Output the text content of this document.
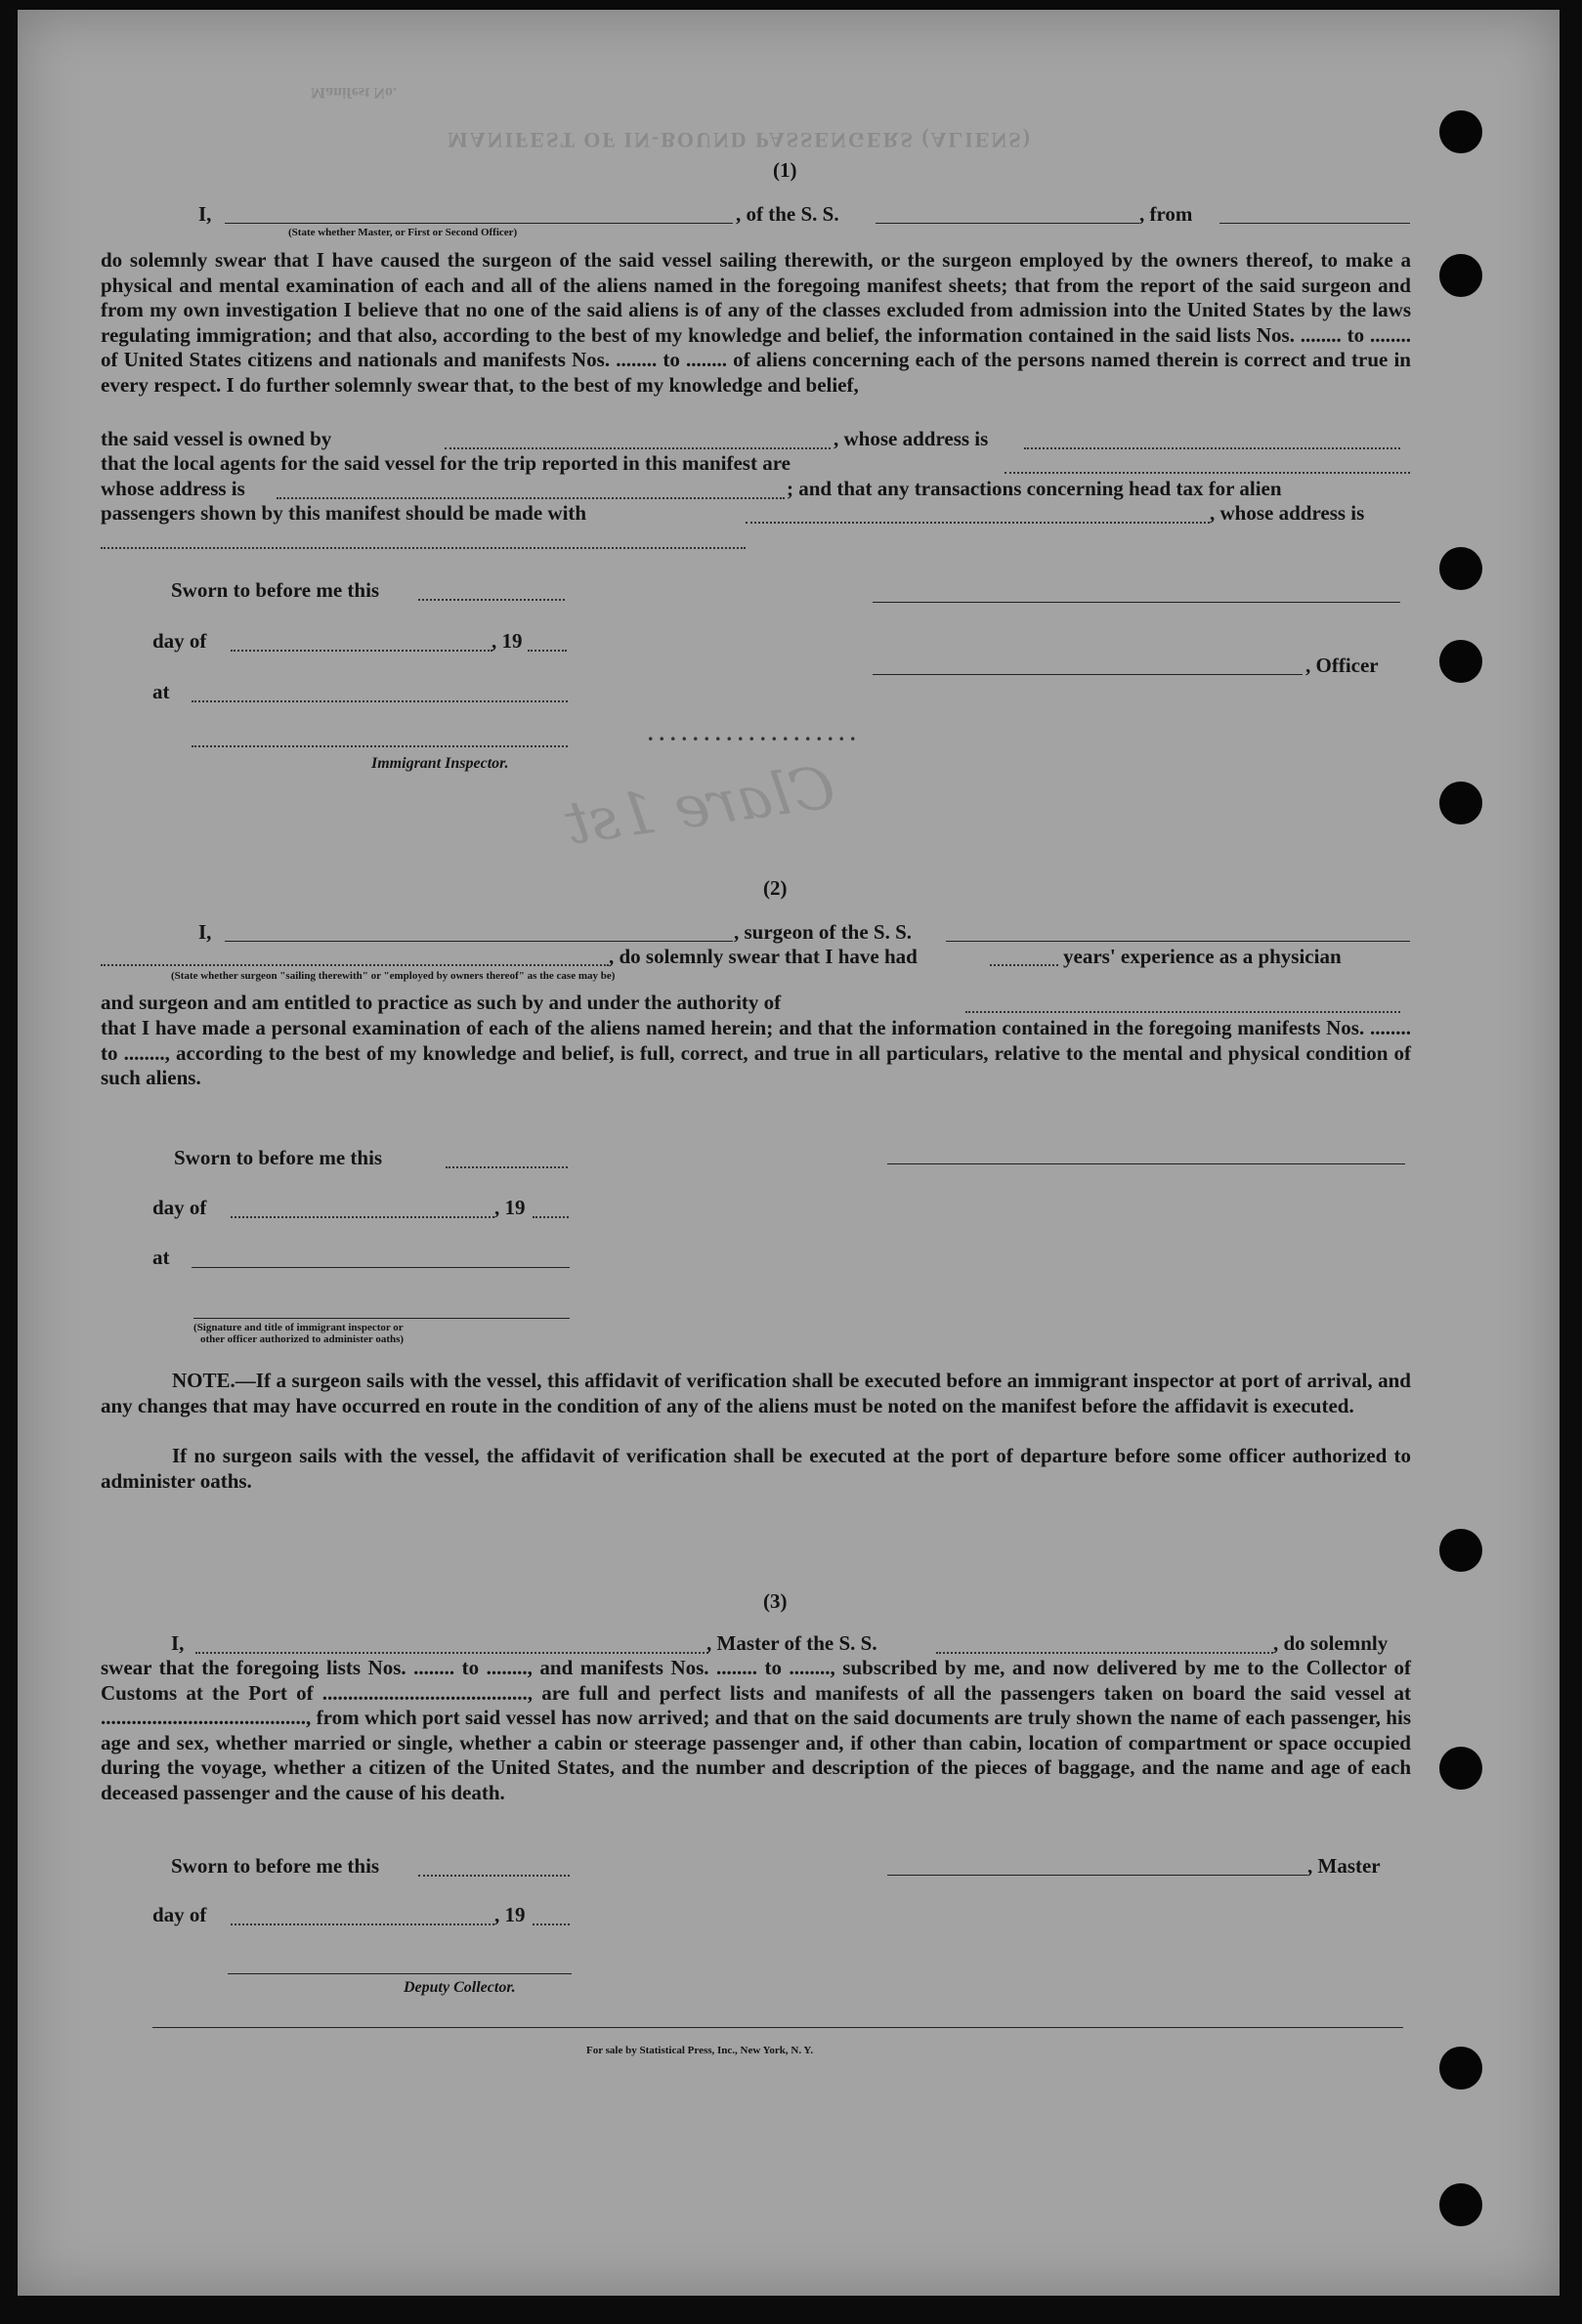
MANIFEST OF IN-BOUND PASSENGERS (ALIENS)
Manifest No.
Clare 1st
(1)
I,	, of the S. S.	, from
(State whether Master, or First or Second Officer)
do solemnly swear that I have caused the surgeon of the said vessel sailing therewith, or the surgeon employed by the owners thereof, to make a physical and mental examination of each and all of the aliens named in the foregoing manifest sheets; that from the report of the said surgeon and from my own investigation I believe that no one of the said aliens is of any of the classes excluded from admission into the United States by the laws regulating immigration; and that also, according to the best of my knowledge and belief, the information contained in the said lists Nos. ........ to ........ of United States citizens and nationals and manifests Nos. ........ to ........ of aliens concerning each of the persons named therein is correct and true in every respect. I do further solemnly swear that, to the best of my knowledge and belief,
the said vessel is owned by	, whose address is
that the local agents for the said vessel for the trip reported in this manifest are
whose address is	; and that any transactions concerning head tax for alien
passengers shown by this manifest should be made with	, whose address is
Sworn to before me this
day of	, 19
, Officer
at
...................
Immigrant Inspector.
(2)
I,	, surgeon of the S. S.
, do solemnly swear that I have had	years' experience as a physician
(State whether surgeon "sailing therewith" or "employed by owners thereof" as the case may be)
and surgeon and am entitled to practice as such by and under the authority of
that I have made a personal examination of each of the aliens named herein; and that the information contained in the foregoing manifests Nos. ........ to ........, according to the best of my knowledge and belief, is full, correct, and true in all particulars, relative to the mental and physical condition of such aliens.
Sworn to before me this
day of	, 19
at
(Signature and title of immigrant inspector or
other officer authorized to administer oaths)
NOTE.—If a surgeon sails with the vessel, this affidavit of verification shall be executed before an immigrant inspector at port of arrival, and any changes that may have occurred en route in the condition of any of the aliens must be noted on the manifest before the affidavit is executed.
If no surgeon sails with the vessel, the affidavit of verification shall be executed at the port of departure before some officer authorized to administer oaths.
(3)
I,	, Master of the S. S.	, do solemnly
swear that the foregoing lists Nos. ........ to ........, and manifests Nos. ........ to ........, subscribed by me, and now delivered by me to the Collector of Customs at the Port of ........................................, are full and perfect lists and manifests of all the passengers taken on board the said vessel at ........................................, from which port said vessel has now arrived; and that on the said documents are truly shown the name of each passenger, his age and sex, whether married or single, whether a cabin or steerage passenger and, if other than cabin, location of compartment or space occupied during the voyage, whether a citizen of the United States, and the number and description of the pieces of baggage, and the name and age of each deceased passenger and the cause of his death.
Sworn to before me this	, Master
day of	, 19
Deputy Collector.
For sale by Statistical Press, Inc., New York, N. Y.
